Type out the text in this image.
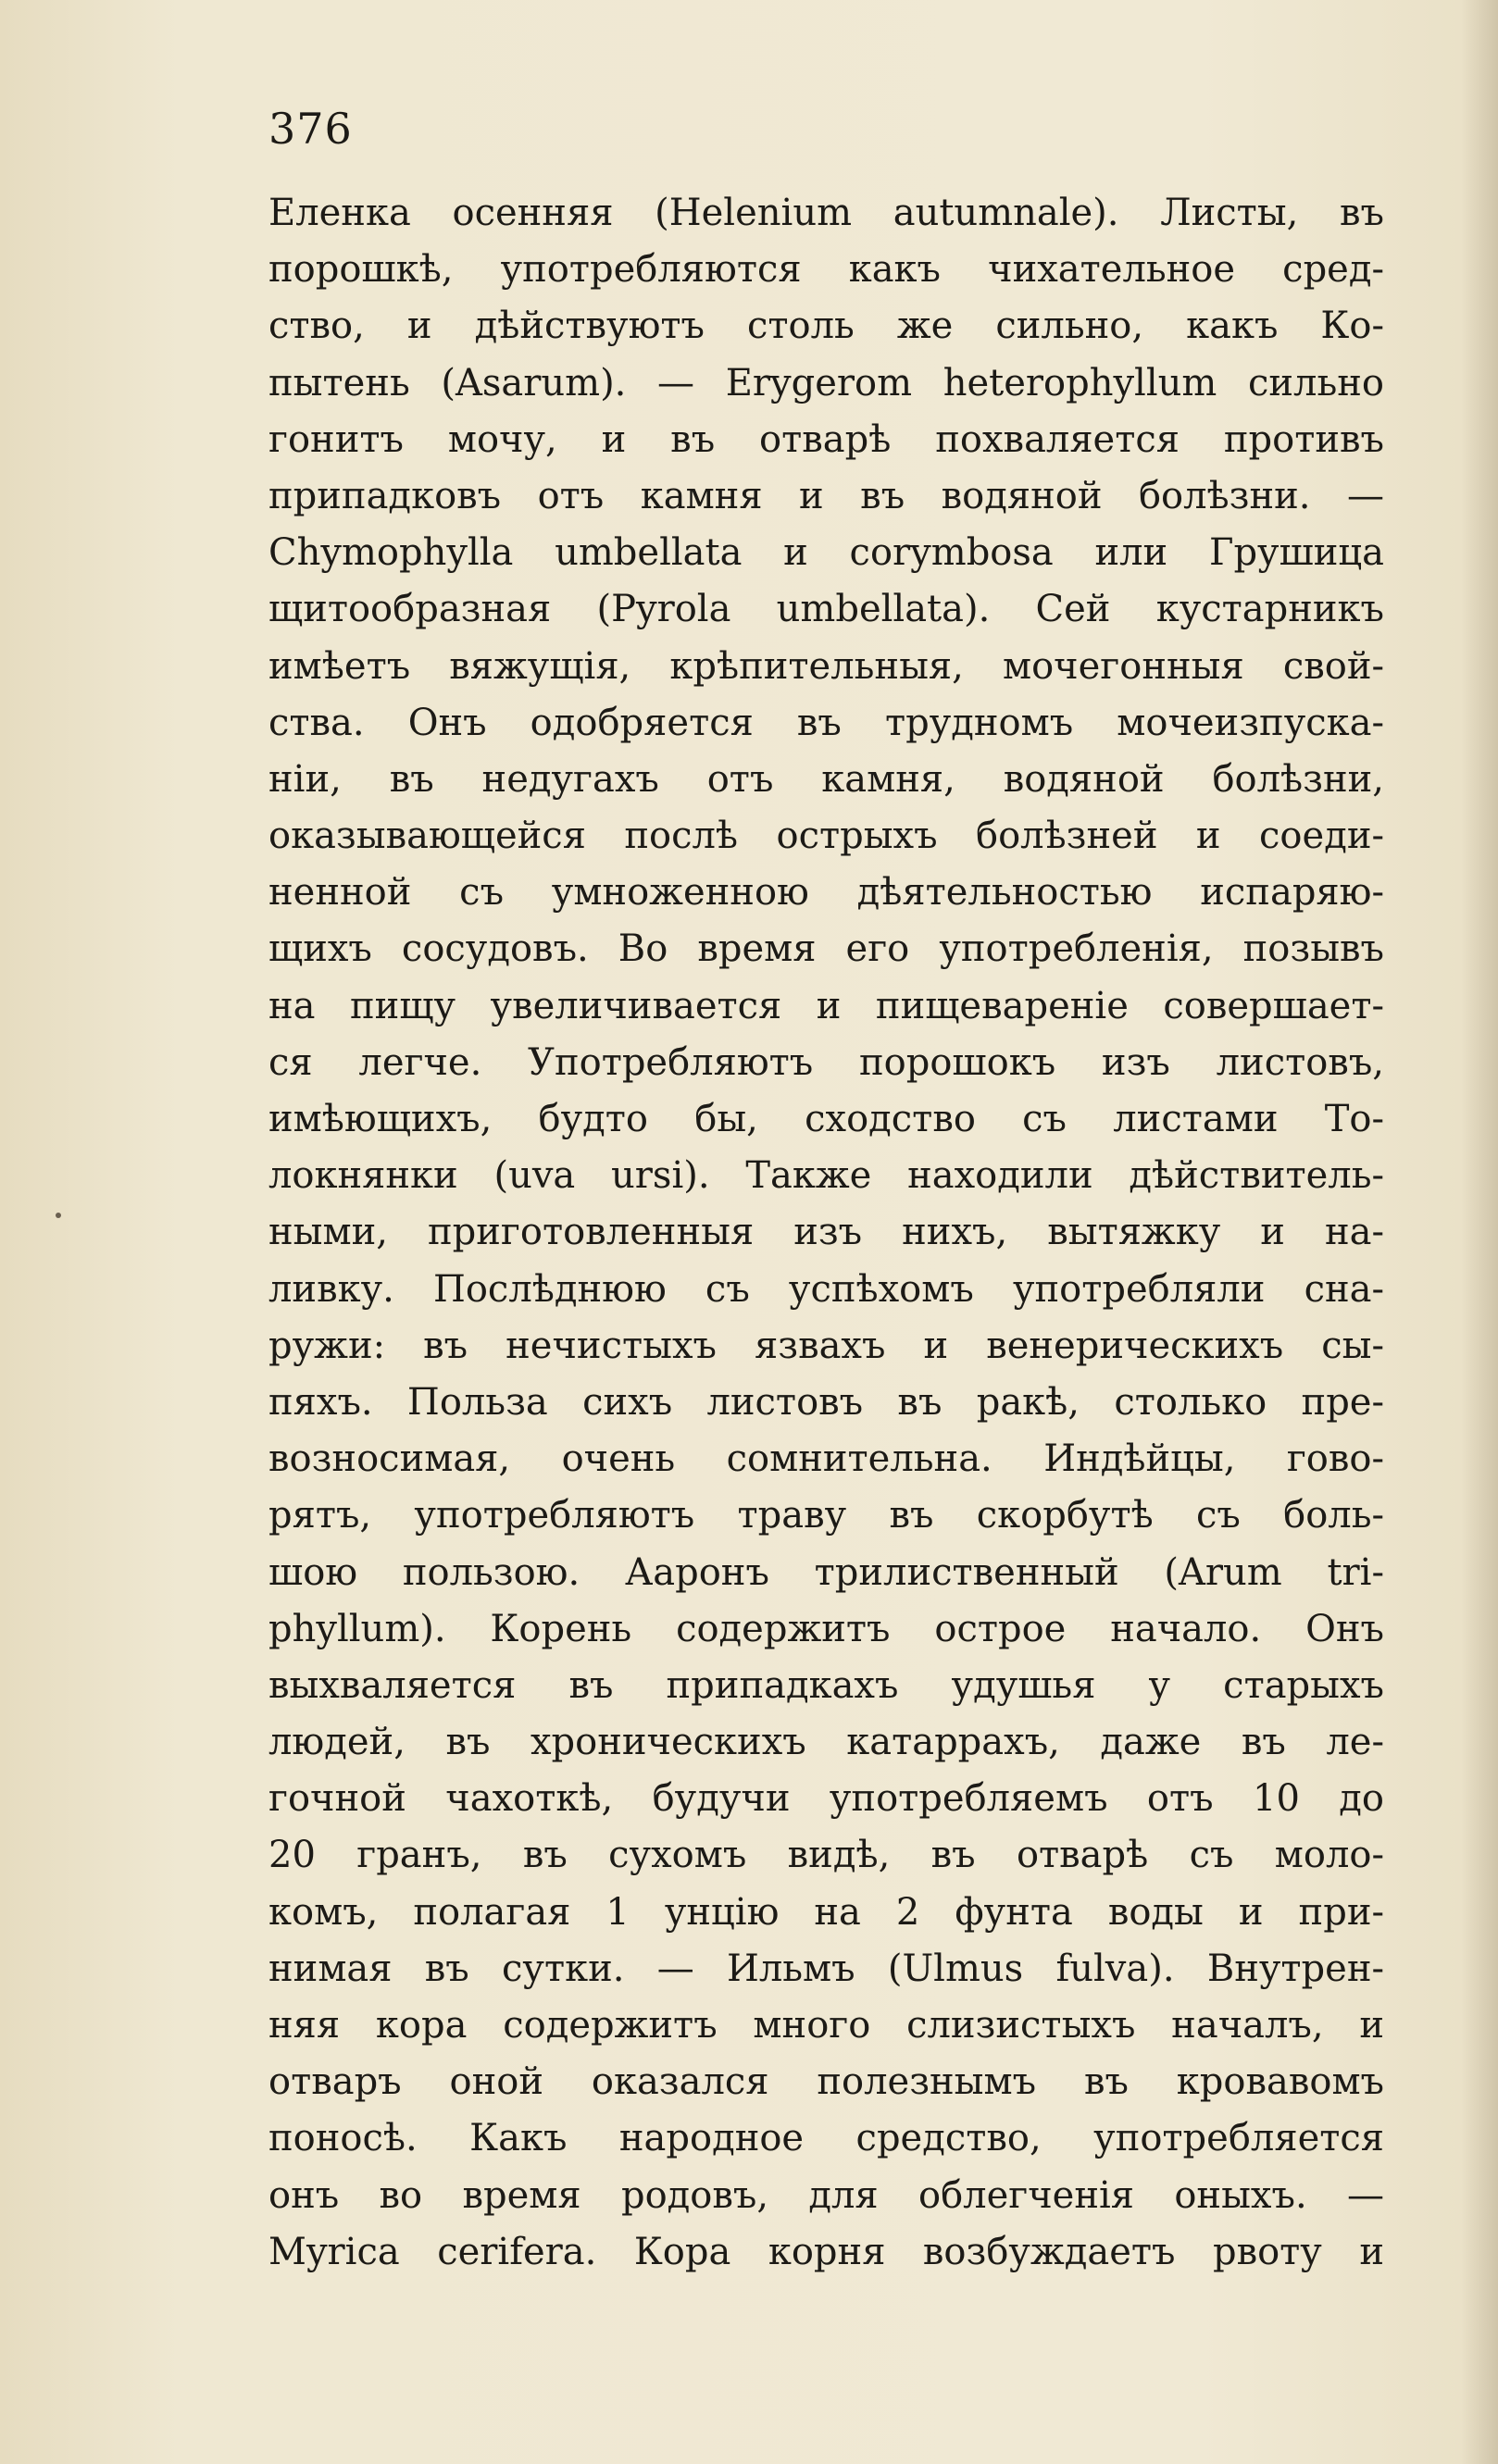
376
Еленка осенняя (Helenium autumnale). Листы, въ
порошкѣ, употребляются какъ чихательное сред-
ство, и дѣйствуютъ столь же сильно, какъ Ко-
пытень (Asarum). — Erygerom heterophyllum сильно
гонитъ мочу, и въ отварѣ похваляется противъ
припадковъ отъ камня и въ водяной болѣзни. —
Chymophylla umbellata и corymbosa или Грушица
щитообразная (Pyrola umbellata). Сей кустарникъ
имѣетъ вяжущія, крѣпительныя, мочегонныя свой-
ства. Онъ одобряется въ трудномъ мочеизпуска-
ніи, въ недугахъ отъ камня, водяной болѣзни,
оказывающейся послѣ острыхъ болѣзней и соеди-
ненной съ умноженною дѣятельностью испаряю-
щихъ сосудовъ. Во время его употребленія, позывъ
на пищу увеличивается и пищевареніе совершает-
ся легче. Употребляютъ порошокъ изъ листовъ,
имѣющихъ, будто бы, сходство съ листами То-
локнянки (uva ursi). Также находили дѣйствитель-
ными, приготовленныя изъ нихъ, вытяжку и на-
ливку. Послѣднюю съ успѣхомъ употребляли сна-
ружи: въ нечистыхъ язвахъ и венерическихъ сы-
пяхъ. Польза сихъ листовъ въ ракѣ, столько пре-
возносимая, очень сомнительна. Индѣйцы, гово-
рятъ, употребляютъ траву въ скорбутѣ съ боль-
шою пользою. Ааронъ трилиственный (Arum tri-
phyllum). Корень содержитъ острое начало. Онъ
выхваляется въ припадкахъ удушья у старыхъ
людей, въ хроническихъ катаррахъ, даже въ ле-
гочной чахоткѣ, будучи употребляемъ отъ 10 до
20 гранъ, въ сухомъ видѣ, въ отварѣ съ моло-
комъ, полагая 1 унцію на 2 фунта воды и при-
нимая въ сутки. — Ильмъ (Ulmus fulva). Внутрен-
няя кора содержитъ много слизистыхъ началъ, и
отваръ оной оказался полезнымъ въ кровавомъ
поносѣ. Какъ народное средство, употребляется
онъ во время родовъ, для облегченія оныхъ. —
Myrica cerifera. Кора корня возбуждаетъ рвоту и
